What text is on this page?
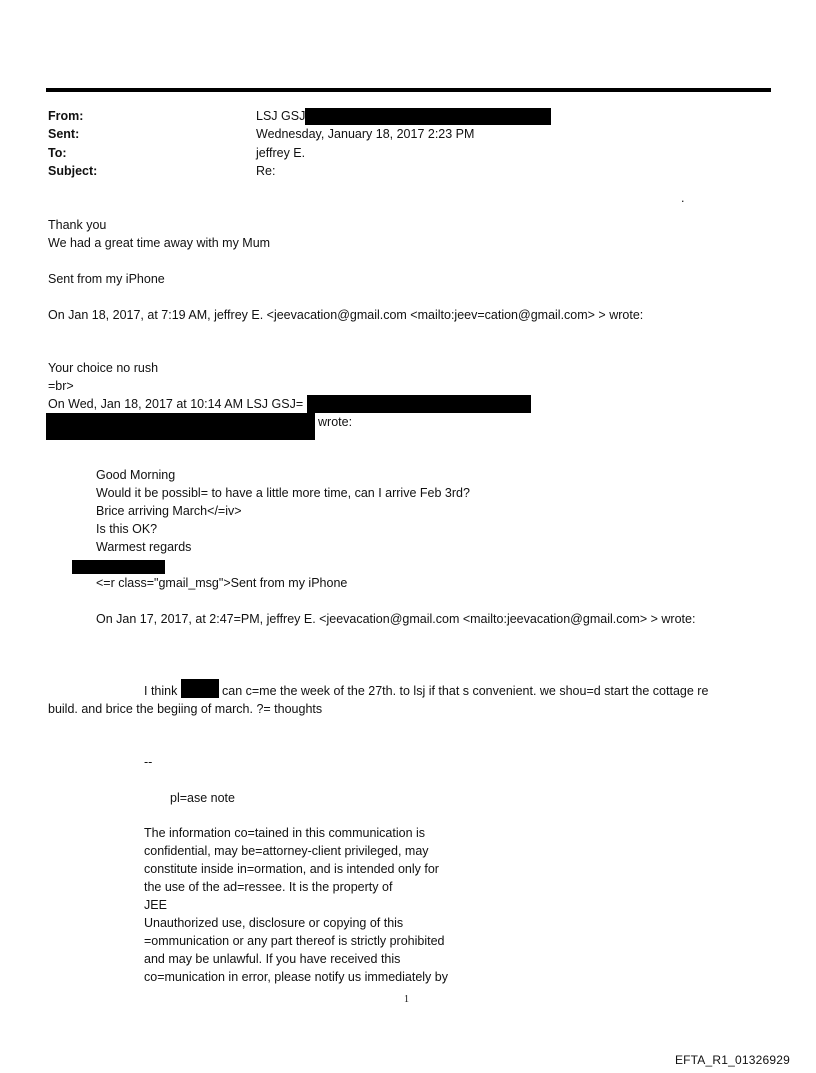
From:	LSJ GSJ
Sent:	Wednesday, January 18, 2017 2:23 PM
To:	jeffrey E.
Subject:	Re:
.
Thank you
We had a great time away with my Mum
Sent from my iPhone
On Jan 18, 2017, at 7:19 AM, jeffrey E. <jeevacation@gmail.com <mailto:jeev=cation@gmail.com> > wrote:
Your choice no rush
=br>
On Wed, Jan 18, 2017 at 10:14 AM LSJ GSJ=
wrote:
Good Morning
Would it be possibl= to have a little more time, can I arrive Feb 3rd?
Brice arriving March</=iv>
Is this OK?
Warmest regards
<=r class="gmail_msg">Sent from my iPhone
On Jan 17, 2017, at 2:47=PM, jeffrey E. <jeevacation@gmail.com <mailto:jeevacation@gmail.com> > wrote:
I think	can c=me the week of the 27th. to lsj if that s convenient. we shou=d start the cottage re
build. and brice the begiing of march. ?= thoughts
--
pl=ase note
The information co=tained in this communication is
confidential, may be=attorney-client privileged, may
constitute inside in=ormation, and is intended only for
the use of the ad=ressee. It is the property of
JEE
Unauthorized use, disclosure or copying of this
=ommunication or any part thereof is strictly prohibited
and may be unlawful. If you have received this
co=munication in error, please notify us immediately by
1
EFTA_R1_01326929
